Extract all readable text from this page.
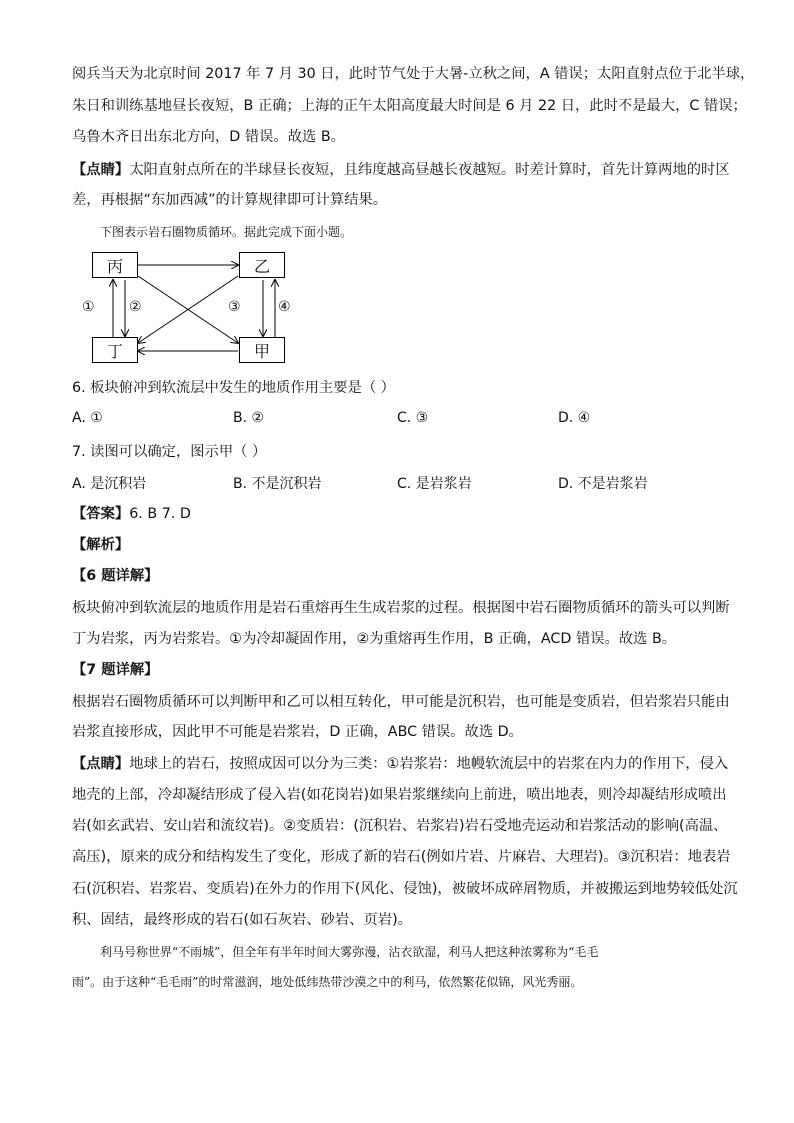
阅兵当天为北京时间 2017 年 7 月 30 日，此时节气处于大暑-立秋之间，A 错误；太阳直射点位于北半球，
朱日和训练基地昼长夜短，B 正确；上海的正午太阳高度最大时间是 6 月 22 日，此时不是最大，C 错误；
乌鲁木齐日出东北方向，D 错误。故选 B。
【点睛】太阳直射点所在的半球昼长夜短，且纬度越高昼越长夜越短。时差计算时，首先计算两地的时区
差，再根据“东加西减”的计算规律即可计算结果。
下图表示岩石圈物质循环。据此完成下面小题。
丙	乙
丁	甲
① ②	③	④
6. 板块俯冲到软流层中发生的地质作用主要是（ ）
A. ①	B. ②	C. ③	D. ④
7. 读图可以确定，图示甲（ ）
A. 是沉积岩	B. 不是沉积岩	C. 是岩浆岩	D. 不是岩浆岩
【答案】6. B 7. D
【解析】
【6 题详解】
板块俯冲到软流层的地质作用是岩石重熔再生生成岩浆的过程。根据图中岩石圈物质循环的箭头可以判断
丁为岩浆，丙为岩浆岩。①为冷却凝固作用，②为重熔再生作用，B 正确，ACD 错误。故选 B。
【7 题详解】
根据岩石圈物质循环可以判断甲和乙可以相互转化，甲可能是沉积岩，也可能是变质岩，但岩浆岩只能由
岩浆直接形成，因此甲不可能是岩浆岩，D 正确，ABC 错误。故选 D。
【点睛】地球上的岩石，按照成因可以分为三类：①岩浆岩：地幔软流层中的岩浆在内力的作用下，侵入
地壳的上部，冷却凝结形成了侵入岩(如花岗岩)如果岩浆继续向上前进，喷出地表，则冷却凝结形成喷出
岩(如玄武岩、安山岩和流纹岩)。②变质岩：(沉积岩、岩浆岩)岩石受地壳运动和岩浆活动的影响(高温、
高压)，原来的成分和结构发生了变化，形成了新的岩石(例如片岩、片麻岩、大理岩)。③沉积岩：地表岩
石(沉积岩、岩浆岩、变质岩)在外力的作用下(风化、侵蚀)，被破坏成碎屑物质，并被搬运到地势较低处沉
积、固结，最终形成的岩石(如石灰岩、砂岩、页岩)。
利马号称世界“不雨城”，但全年有半年时间大雾弥漫，沾衣欲湿，利马人把这种浓雾称为“毛毛
雨”。由于这种“毛毛雨”的时常滋润，地处低纬热带沙漠之中的利马，依然繁花似锦，风光秀丽。
